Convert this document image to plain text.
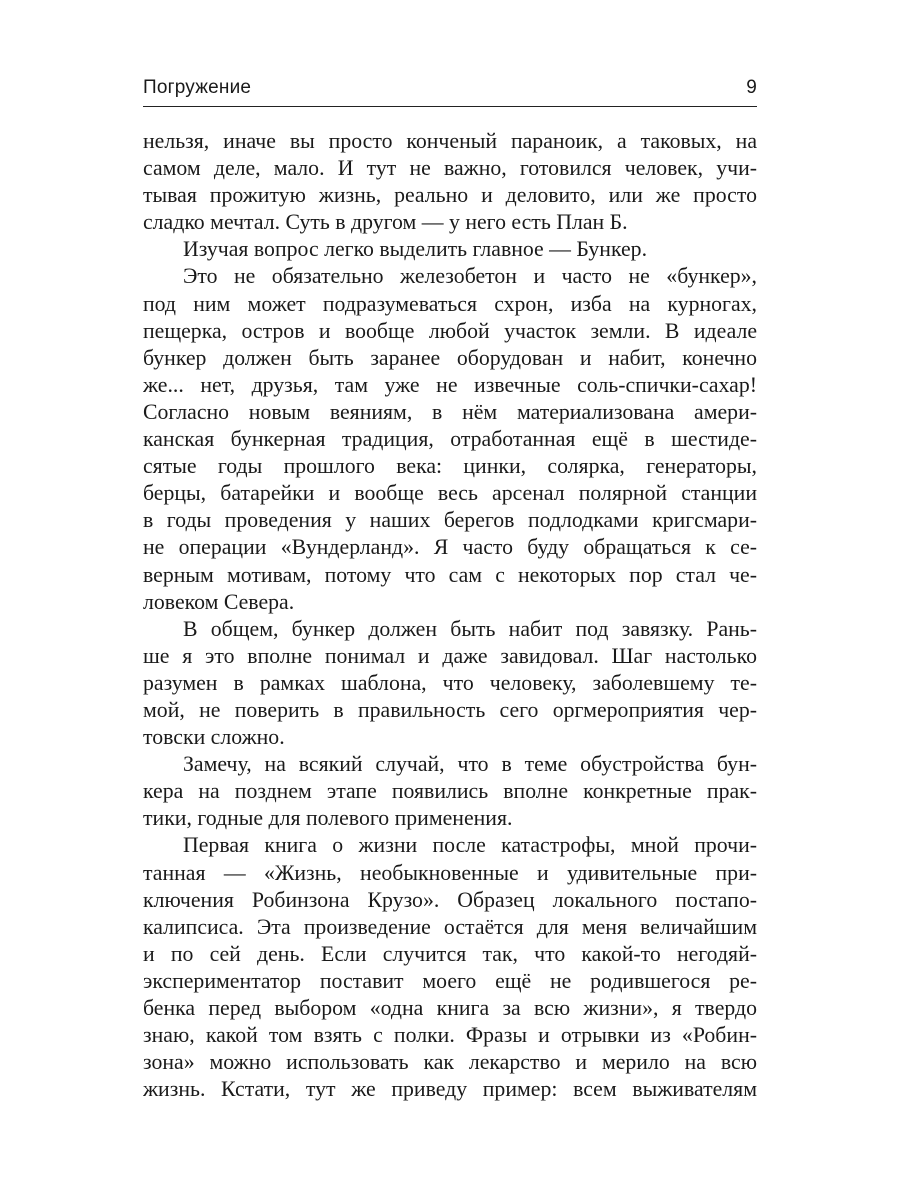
Погружение	9
нельзя, иначе вы просто конченый параноик, а таковых, на
самом деле, мало. И тут не важно, готовился человек, учи-
тывая прожитую жизнь, реально и деловито, или же просто
сладко мечтал. Суть в другом — у него есть План Б.
Изучая вопрос легко выделить главное — Бункер.
Это не обязательно железобетон и часто не «бункер»,
под ним может подразумеваться схрон, изба на курногах,
пещерка, остров и вообще любой участок земли. В идеале
бункер должен быть заранее оборудован и набит, конечно
же... нет, друзья, там уже не извечные соль-спички-сахар!
Согласно новым веяниям, в нём материализована амери-
канская бункерная традиция, отработанная ещё в шестиде-
сятые годы прошлого века: цинки, солярка, генераторы,
берцы, батарейки и вообще весь арсенал полярной станции
в годы проведения у наших берегов подлодками кригсмари-
не операции «Вундерланд». Я часто буду обращаться к се-
верным мотивам, потому что сам с некоторых пор стал че-
ловеком Севера.
В общем, бункер должен быть набит под завязку. Рань-
ше я это вполне понимал и даже завидовал. Шаг настолько
разумен в рамках шаблона, что человеку, заболевшему те-
мой, не поверить в правильность сего оргмероприятия чер-
товски сложно.
Замечу, на всякий случай, что в теме обустройства бун-
кера на позднем этапе появились вполне конкретные прак-
тики, годные для полевого применения.
Первая книга о жизни после катастрофы, мной прочи-
танная — «Жизнь, необыкновенные и удивительные при-
ключения Робинзона Крузо». Образец локального постапо-
калипсиса. Эта произведение остаётся для меня величайшим
и по сей день. Если случится так, что какой-то негодяй-
экспериментатор поставит моего ещё не родившегося ре-
бенка перед выбором «одна книга за всю жизни», я твердо
знаю, какой том взять с полки. Фразы и отрывки из «Робин-
зона» можно использовать как лекарство и мерило на всю
жизнь. Кстати, тут же приведу пример: всем выживателям
